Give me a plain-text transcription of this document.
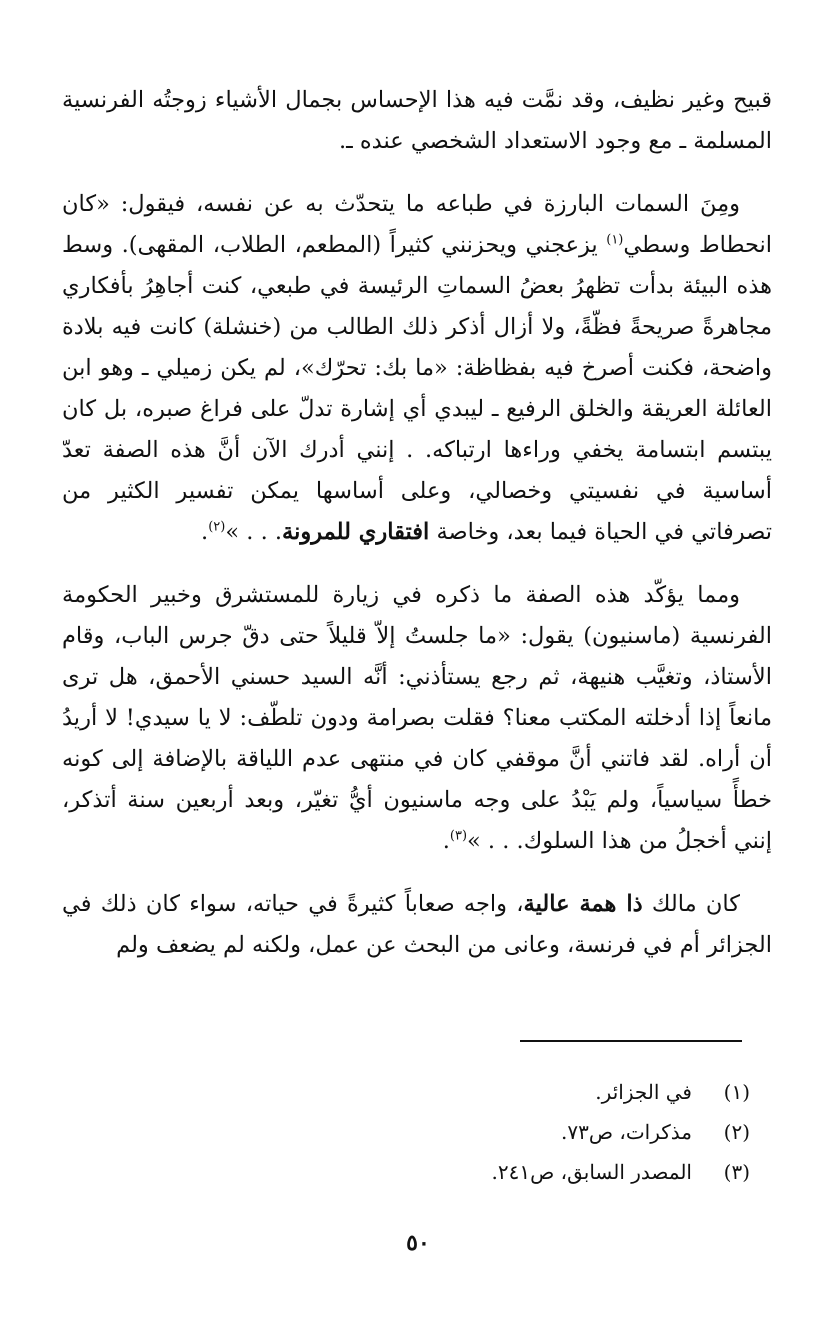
قبيح وغير نظيف، وقد نمَّت فيه هذا الإحساس بجمال الأشياء زوجتُه الفرنسية المسلمة ـ مع وجود الاستعداد الشخصي عنده ـ.

ومِنَ السمات البارزة في طباعه ما يتحدّث به عن نفسه، فيقول: «كان انحطاط وسطي$^{(١)}$ يزعجني ويحزنني كثيراً (المطعم، الطلاب، المقهى). وسط هذه البيئة بدأت تظهرُ بعضُ السماتِ الرئيسة في طبعي، كنت أجاهِرُ بأفكاري مجاهرةً صريحةً فظّةً، ولا أزال أذكر ذلك الطالب من (خنشلة) كانت فيه بلادة واضحة، فكنت أصرخ فيه بفظاظة: «ما بك: تحرّك»، لم يكن زميلي ـ وهو ابن العائلة العريقة والخلق الرفيع ـ ليبدي أي إشارة تدلّ على فراغ صبره، بل كان يبتسم ابتسامة يخفي وراءها ارتباكه. . إنني أدرك الآن أنَّ هذه الصفة تعدّ أساسية في نفسيتي وخصالي، وعلى أساسها يمكن تفسير الكثير من تصرفاتي في الحياة فيما بعد، وخاصة افتقاري للمرونة. . . »$^{(٢)}$.

ومما يؤكّد هذه الصفة ما ذكره في زيارة للمستشرق وخبير الحكومة الفرنسية (ماسنيون) يقول: «ما جلستُ إلاّ قليلاً حتى دقّ جرس الباب، وقام الأستاذ، وتغيَّب هنيهة، ثم رجع يستأذني: أنَّه السيد حسني الأحمق، هل ترى مانعاً إذا أدخلته المكتب معنا؟ فقلت بصرامة ودون تلطّف: لا يا سيدي! لا أريدُ أن أراه. لقد فاتني أنَّ موقفي كان في منتهى عدم اللياقة بالإضافة إلى كونه خطأً سياسياً، ولم يَبْدُ على وجه ماسنيون أيُّ تغيّر، وبعد أربعين سنة أتذكر، إنني أخجلُ من هذا السلوك. . . »$^{(٣)}$.

كان مالك ذا همة عالية، واجه صعاباً كثيرةً في حياته، سواء كان ذلك في الجزائر أم في فرنسة، وعانى من البحث عن عمل، ولكنه لم يضعف ولم

(١)
في الجزائر.
(٢)
مذكرات، ص٧٣.
(٣)
المصدر السابق، ص٢٤١.
٥٠
